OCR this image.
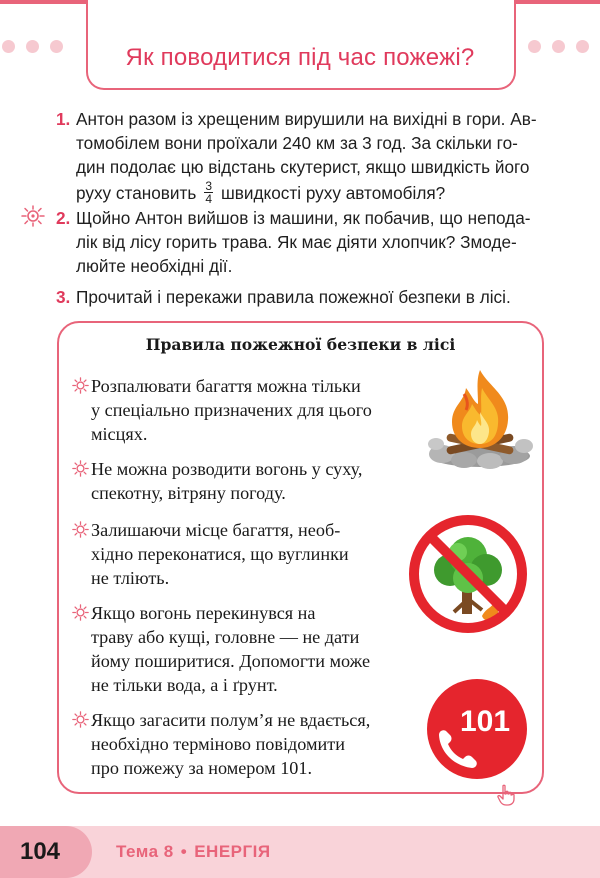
Як поводитися під час пожежі?
1. Антон разом із хрещеним вирушили на вихідні в гори. Ав-
томобілем вони проїхали 240 км за 3 год. За скільки го-
дин подолає цю відстань скутерист, якщо швидкість його
руху становить $\frac{3}{4}$ швидкості руху автомобіля?
2. Щойно Антон вийшов із машини, як побачив, що непода-
лік від лісу горить трава. Як має діяти хлопчик? Змоде-
люйте необхідні дії.
3. Прочитай і перекажи правила пожежної безпеки в лісі.
Правила пожежної безпеки в лісі
Розпалювати багаття можна тільки
у спеціально призначених для цього
місцях.
Не можна розводити вогонь у суху,
спекотну, вітряну погоду.
Залишаючи місце багаття, необ-
хідно переконатися, що вуглинки
не тліють.
Якщо вогонь перекинувся на
траву або кущі, головне — не дати
йому поширитися. Допомогти може
не тільки вода, а і ґрунт.
Якщо загасити полум’я не вдається,
необхідно терміново повідомити
про пожежу за номером 101.
101
104	Тема 8 • ЕНЕРГІЯ
